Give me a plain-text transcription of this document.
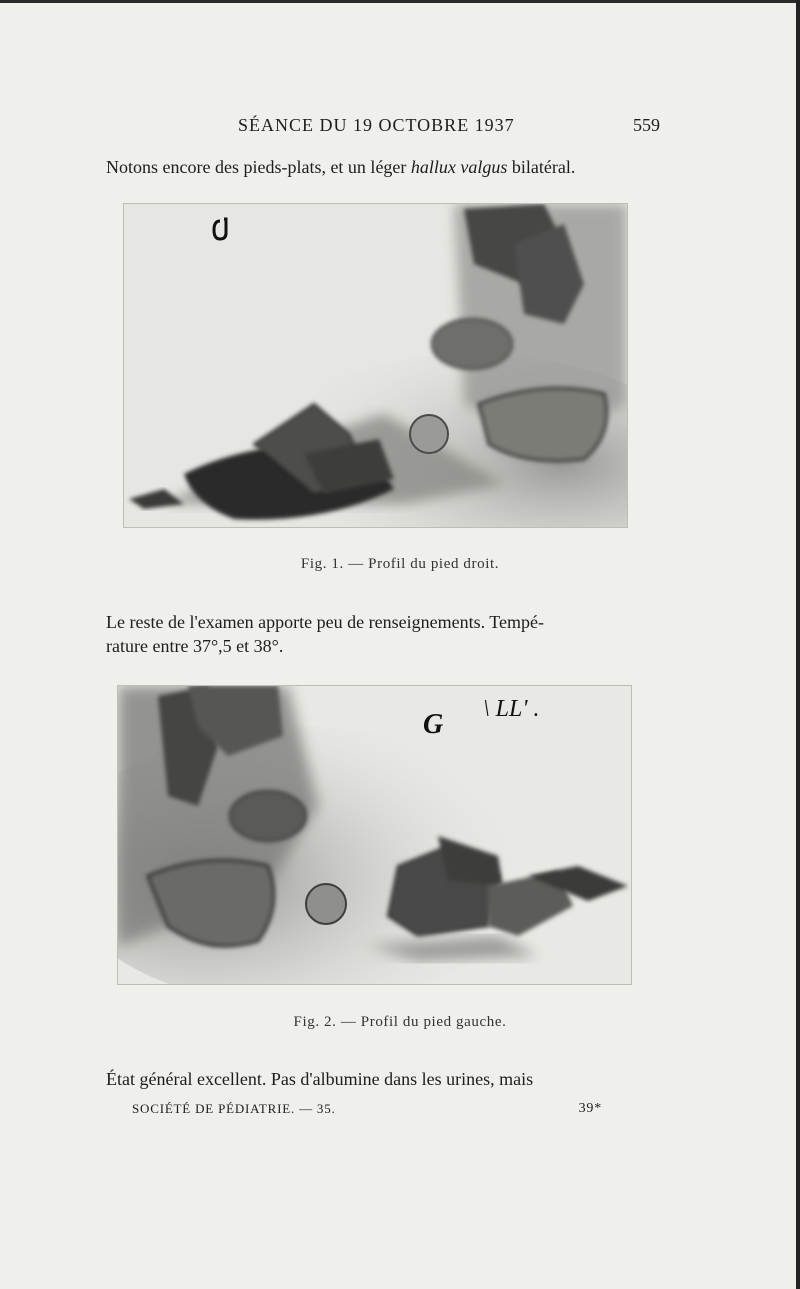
SÉANCE DU 19 OCTOBRE 1937	559
Notons encore des pieds-plats, et un léger hallux valgus bilatéral.
Fig. 1. — Profil du pied droit.
Le reste de l'examen apporte peu de renseignements. Tempé-
rature entre 37°,5 et 38°.
G \ LL' .
Fig. 2. — Profil du pied gauche.
État général excellent. Pas d'albumine dans les urines, mais
SOCIÉTÉ DE PÉDIATRIE. — 35.	39*
